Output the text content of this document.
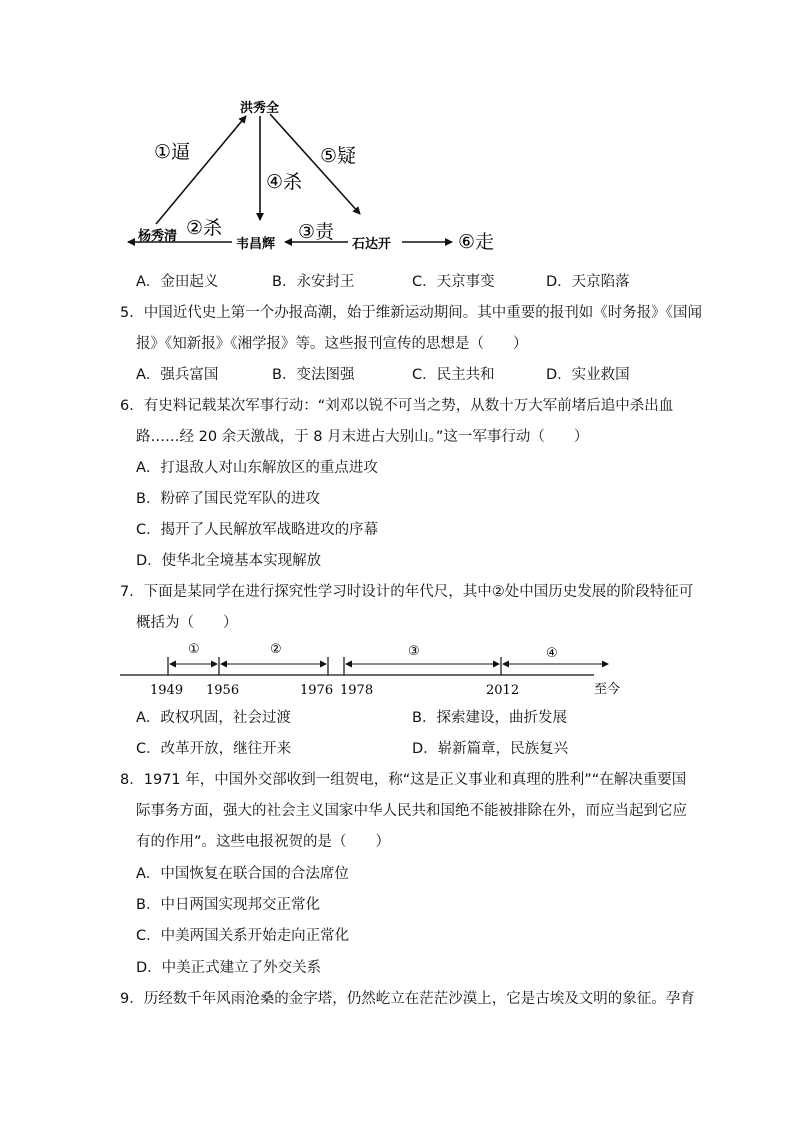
洪秀全
杨秀清
韦昌辉	石达开
①逼
②杀	③责
④杀
⑤疑
⑥走
A．金田起义	B．永安封王	C．天京事变	D．天京陷落
5．中国近代史上第一个办报高潮，始于维新运动期间。其中重要的报刊如《时务报》《国闻
报》《知新报》《湘学报》等。这些报刊宣传的思想是（　　）
A．强兵富国	B．变法图强	C．民主共和	D．实业救国
6．有史料记载某次军事行动：“刘邓以锐不可当之势，从数十万大军前堵后追中杀出血
路……经 20 余天激战，于 8 月末进占大别山。”这一军事行动（　　）
A．打退敌人对山东解放区的重点进攻
B．粉碎了国民党军队的进攻
C．揭开了人民解放军战略进攻的序幕
D．使华北全境基本实现解放
7．下面是某同学在进行探究性学习时设计的年代尺，其中②处中国历史发展的阶段特征可
概括为（　　）
①	②	③	④
1949 1956	1976 1978	2012	至今
A．政权巩固，社会过渡	B．探索建设，曲折发展
C．改革开放，继往开来	D．崭新篇章，民族复兴
8．1971 年，中国外交部收到一组贺电，称“这是正义事业和真理的胜利”“在解决重要国
际事务方面，强大的社会主义国家中华人民共和国绝不能被排除在外，而应当起到它应
有的作用”。这些电报祝贺的是（　　）
A．中国恢复在联合国的合法席位
B．中日两国实现邦交正常化
C．中美两国关系开始走向正常化
D．中美正式建立了外交关系
9．历经数千年风雨沧桑的金字塔，仍然屹立在茫茫沙漠上，它是古埃及文明的象征。孕育
